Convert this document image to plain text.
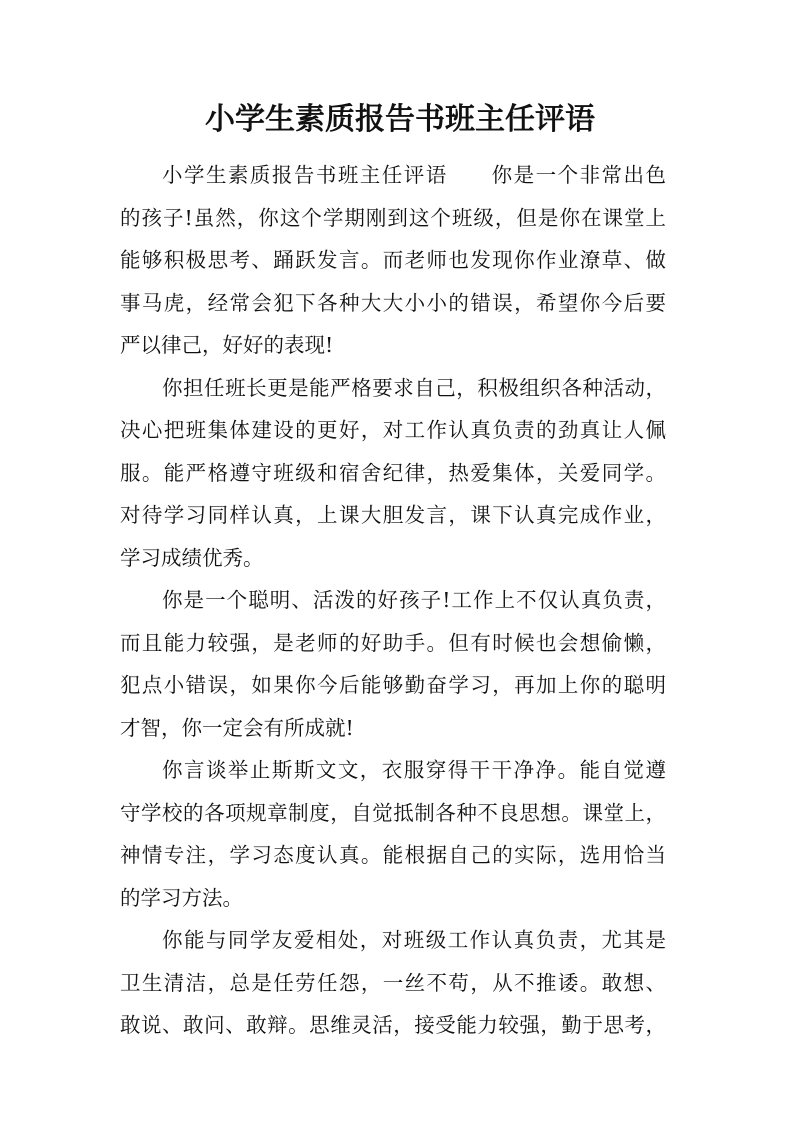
小学生素质报告书班主任评语
小学生素质报告书班主任评语　　你是一个非常出色
的孩子!虽然，你这个学期刚到这个班级，但是你在课堂上
能够积极思考、踊跃发言。而老师也发现你作业潦草、做
事马虎，经常会犯下各种大大小小的错误，希望你今后要
严以律己，好好的表现!
你担任班长更是能严格要求自己，积极组织各种活动，
决心把班集体建设的更好，对工作认真负责的劲真让人佩
服。能严格遵守班级和宿舍纪律，热爱集体，关爱同学。
对待学习同样认真，上课大胆发言，课下认真完成作业，
学习成绩优秀。
你是一个聪明、活泼的好孩子!工作上不仅认真负责，
而且能力较强，是老师的好助手。但有时候也会想偷懒，
犯点小错误，如果你今后能够勤奋学习，再加上你的聪明
才智，你一定会有所成就!
你言谈举止斯斯文文，衣服穿得干干净净。能自觉遵
守学校的各项规章制度，自觉抵制各种不良思想。课堂上，
神情专注，学习态度认真。能根据自己的实际，选用恰当
的学习方法。
你能与同学友爱相处，对班级工作认真负责，尤其是
卫生清洁，总是任劳任怨，一丝不苟，从不推诿。敢想、
敢说、敢问、敢辩。思维灵活，接受能力较强，勤于思考，
